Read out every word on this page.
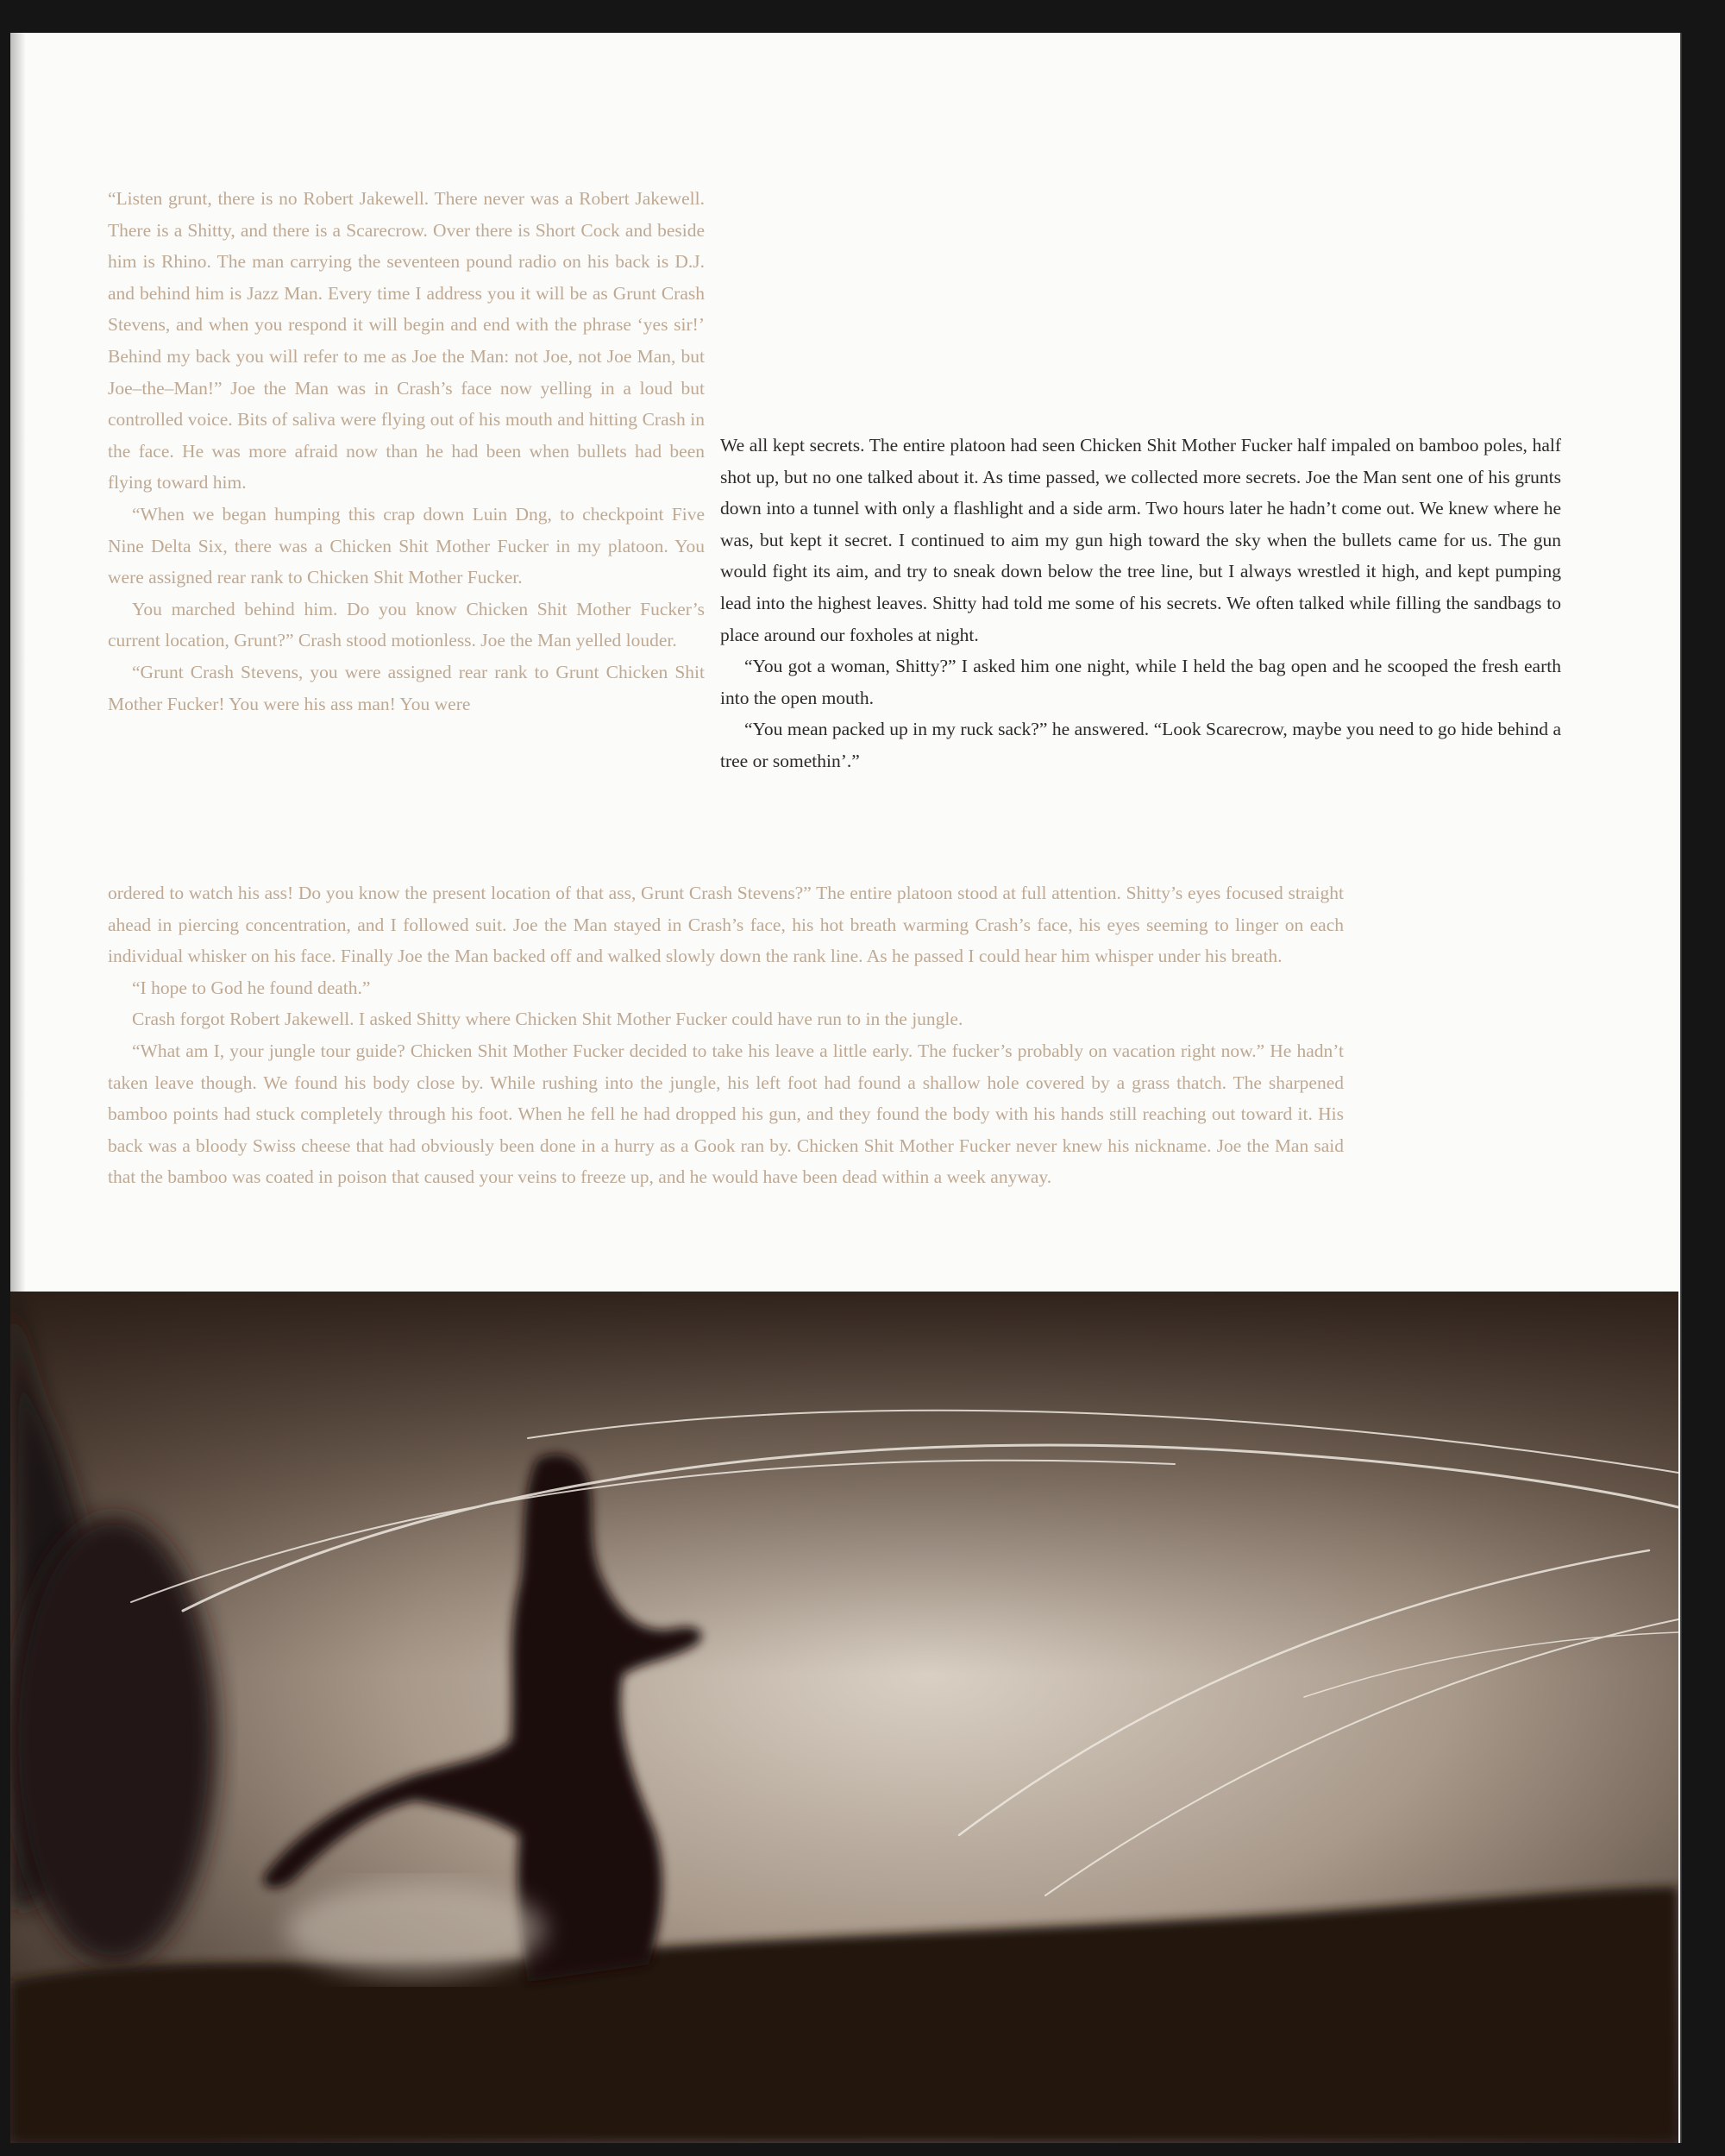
“Listen grunt, there is no Robert Jakewell. There never was a Robert Jakewell. There is a Shitty, and there is a Scarecrow. Over there is Short Cock and beside him is Rhino. The man carrying the seventeen pound radio on his back is D.J. and behind him is Jazz Man. Every time I address you it will be as Grunt Crash Stevens, and when you respond it will begin and end with the phrase ‘yes sir!’ Behind my back you will refer to me as Joe the Man: not Joe, not Joe Man, but Joe–the–Man!” Joe the Man was in Crash’s face now yelling in a loud but controlled voice. Bits of saliva were flying out of his mouth and hitting Crash in the face. He was more afraid now than he had been when bullets had been flying toward him.

“When we began humping this crap down Luin Dng, to checkpoint Five Nine Delta Six, there was a Chicken Shit Mother Fucker in my platoon. You were assigned rear rank to Chicken Shit Mother Fucker.

You marched behind him. Do you know Chicken Shit Mother Fucker’s current location, Grunt?” Crash stood motionless. Joe the Man yelled louder.

“Grunt Crash Stevens, you were assigned rear rank to Grunt Chicken Shit Mother Fucker! You were his ass man! You were

We all kept secrets. The entire platoon had seen Chicken Shit Mother Fucker half impaled on bamboo poles, half shot up, but no one talked about it. As time passed, we collected more secrets. Joe the Man sent one of his grunts down into a tunnel with only a flashlight and a side arm. Two hours later he hadn’t come out. We knew where he was, but kept it secret. I continued to aim my gun high toward the sky when the bullets came for us. The gun would fight its aim, and try to sneak down below the tree line, but I always wrestled it high, and kept pumping lead into the highest leaves. Shitty had told me some of his secrets. We often talked while filling the sandbags to place around our foxholes at night.

“You got a woman, Shitty?” I asked him one night, while I held the bag open and he scooped the fresh earth into the open mouth.

“You mean packed up in my ruck sack?” he answered. “Look Scarecrow, maybe you need to go hide behind a tree or somethin’.”

ordered to watch his ass! Do you know the present location of that ass, Grunt Crash Stevens?” The entire platoon stood at full attention. Shitty’s eyes focused straight ahead in piercing concentration, and I followed suit. Joe the Man stayed in Crash’s face, his hot breath warming Crash’s face, his eyes seeming to linger on each individual whisker on his face. Finally Joe the Man backed off and walked slowly down the rank line. As he passed I could hear him whisper under his breath.

“I hope to God he found death.”

Crash forgot Robert Jakewell. I asked Shitty where Chicken Shit Mother Fucker could have run to in the jungle.

“What am I, your jungle tour guide? Chicken Shit Mother Fucker decided to take his leave a little early. The fucker’s probably on vacation right now.” He hadn’t taken leave though. We found his body close by. While rushing into the jungle, his left foot had found a shallow hole covered by a grass thatch. The sharpened bamboo points had stuck completely through his foot. When he fell he had dropped his gun, and they found the body with his hands still reaching out toward it. His back was a bloody Swiss cheese that had obviously been done in a hurry as a Gook ran by. Chicken Shit Mother Fucker never knew his nickname. Joe the Man said that the bamboo was coated in poison that caused your veins to freeze up, and he would have been dead within a week anyway.
